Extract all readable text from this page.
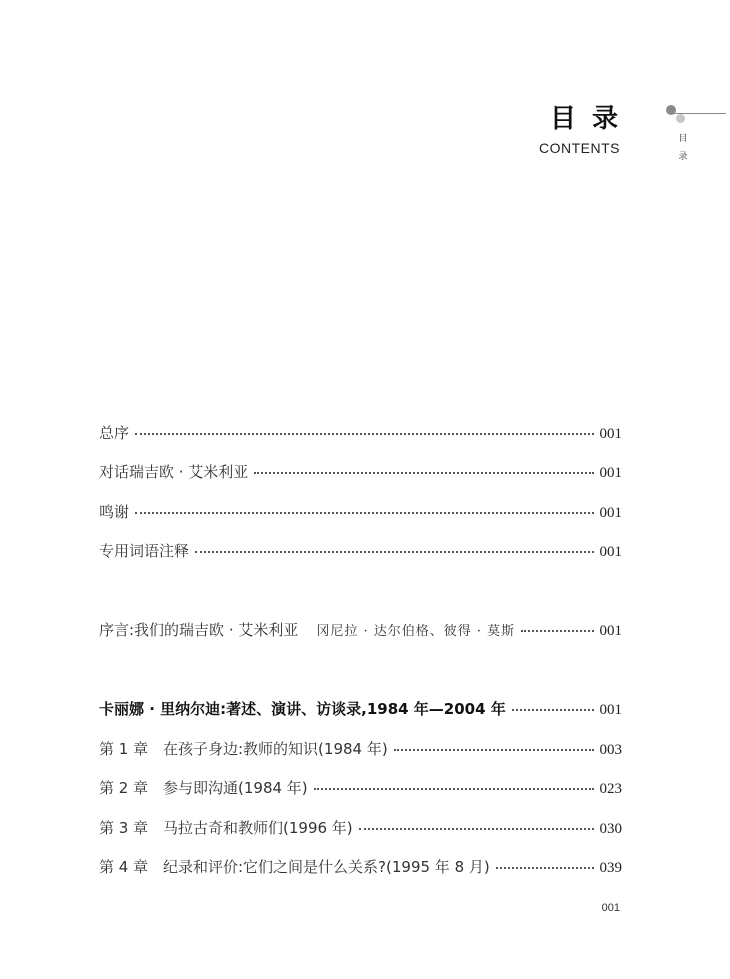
目录
CONTENTS
目
录
总序	001
对话瑞吉欧 · 艾米利亚	001
鸣谢	001
专用词语注释	001
序言:我们的瑞吉欧 · 艾米利亚 冈尼拉 · 达尔伯格、彼得 · 莫斯	001
卡丽娜 · 里纳尔迪:著述、演讲、访谈录,1984 年—2004 年	001
第 1 章 在孩子身边:教师的知识(1984 年)	003
第 2 章 参与即沟通(1984 年)	023
第 3 章 马拉古奇和教师们(1996 年)	030
第 4 章 纪录和评价:它们之间是什么关系?(1995 年 8 月)	039
001
